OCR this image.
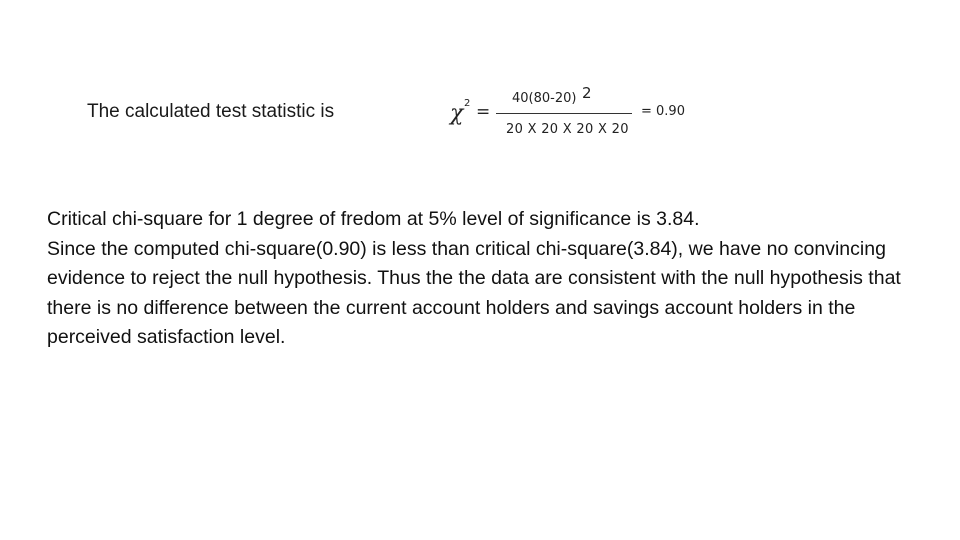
The calculated test statistic is	χ 2 =
40(80-20) 2
20 X 20 X 20 X 20
= 0.90

Critical chi-square for 1 degree of fredom at 5% level of significance is 3.84.

Since the computed chi-square(0.90) is less than critical chi-square(3.84), we have no convincing evidence to reject the null hypothesis. Thus the the data are consistent with the null hypothesis that there is no difference between the current account holders and savings account holders in the perceived satisfaction level.
